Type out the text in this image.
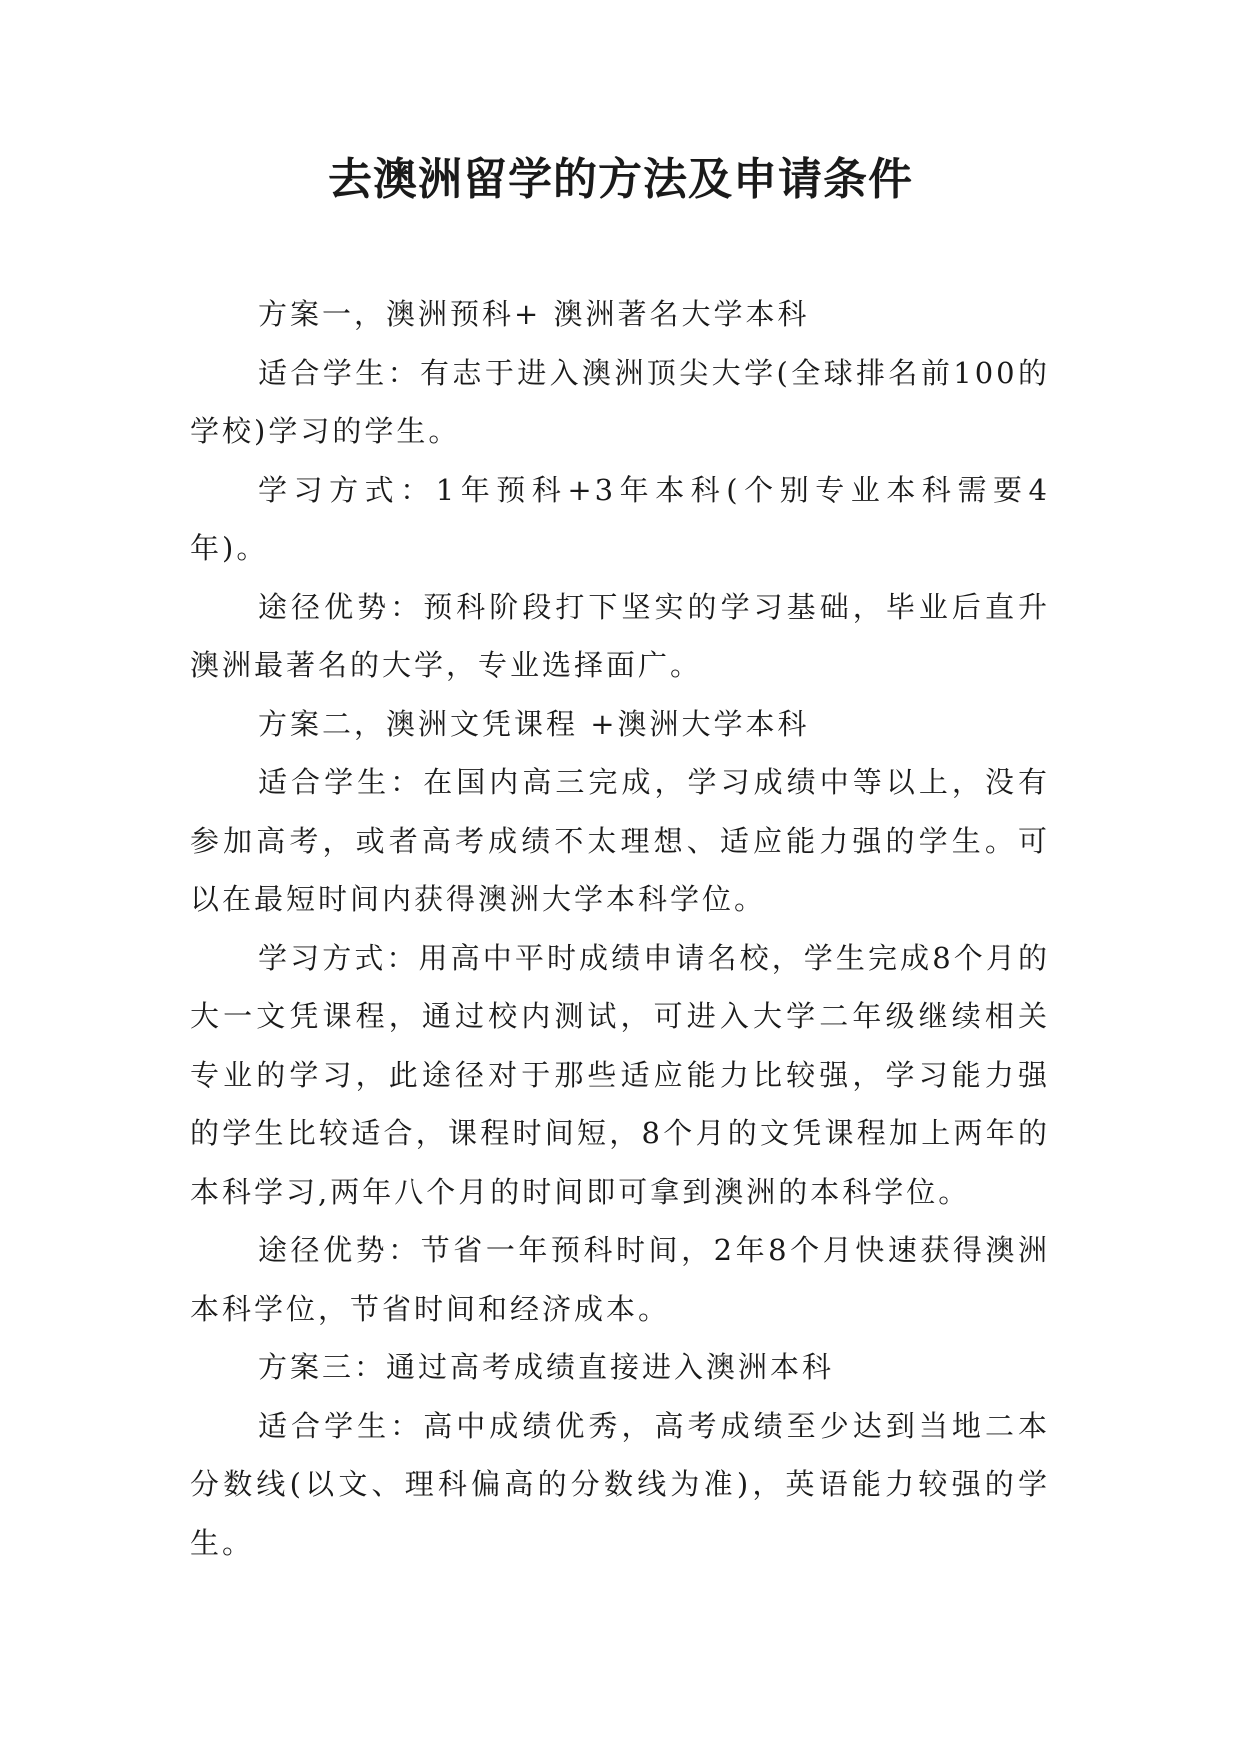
去澳洲留学的方法及申请条件

方案一，澳洲预科+ 澳洲著名大学本科

适合学生：有志于进入澳洲顶尖大学(全球排名前100的学校)学习的学生。

学习方式：1年预科+3年本科(个别专业本科需要4年)。

途径优势：预科阶段打下坚实的学习基础，毕业后直升澳洲最著名的大学，专业选择面广。

方案二，澳洲文凭课程 +澳洲大学本科

适合学生：在国内高三完成，学习成绩中等以上，没有参加高考，或者高考成绩不太理想、适应能力强的学生。可以在最短时间内获得澳洲大学本科学位。

学习方式：用高中平时成绩申请名校，学生完成8个月的大一文凭课程，通过校内测试，可进入大学二年级继续相关专业的学习，此途径对于那些适应能力比较强，学习能力强的学生比较适合，课程时间短，8个月的文凭课程加上两年的本科学习,两年八个月的时间即可拿到澳洲的本科学位。

途径优势：节省一年预科时间，2年8个月快速获得澳洲本科学位，节省时间和经济成本。

方案三：通过高考成绩直接进入澳洲本科

适合学生：高中成绩优秀，高考成绩至少达到当地二本分数线(以文、理科偏高的分数线为准)，英语能力较强的学生。
